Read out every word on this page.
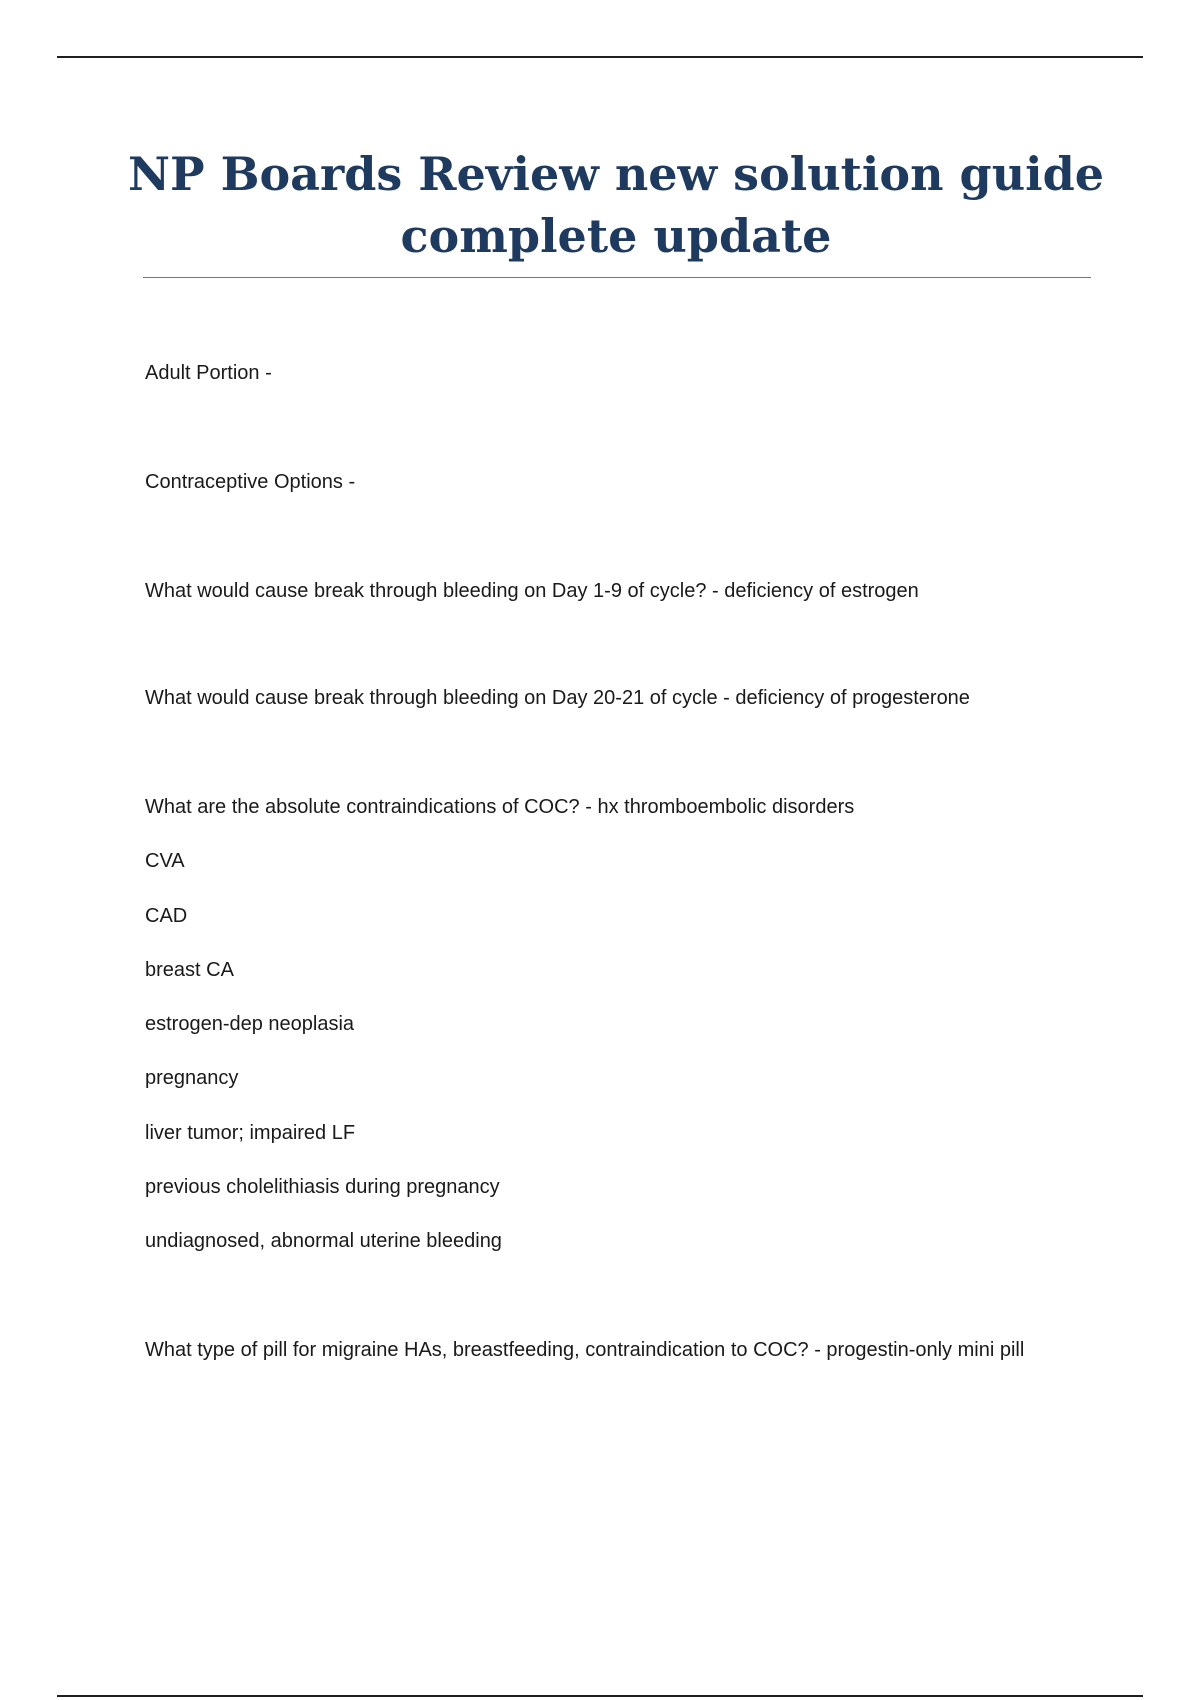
NP Boards Review new solution guide complete update

Adult Portion -

Contraceptive Options -

What would cause break through bleeding on Day 1-9 of cycle? - deficiency of estrogen

What would cause break through bleeding on Day 20-21 of cycle - deficiency of progesterone

What are the absolute contraindications of COC? - hx thromboembolic disorders

CVA

CAD

breast CA

estrogen-dep neoplasia

pregnancy

liver tumor; impaired LF

previous cholelithiasis during pregnancy

undiagnosed, abnormal uterine bleeding

What type of pill for migraine HAs, breastfeeding, contraindication to COC? - progestin-only mini pill
